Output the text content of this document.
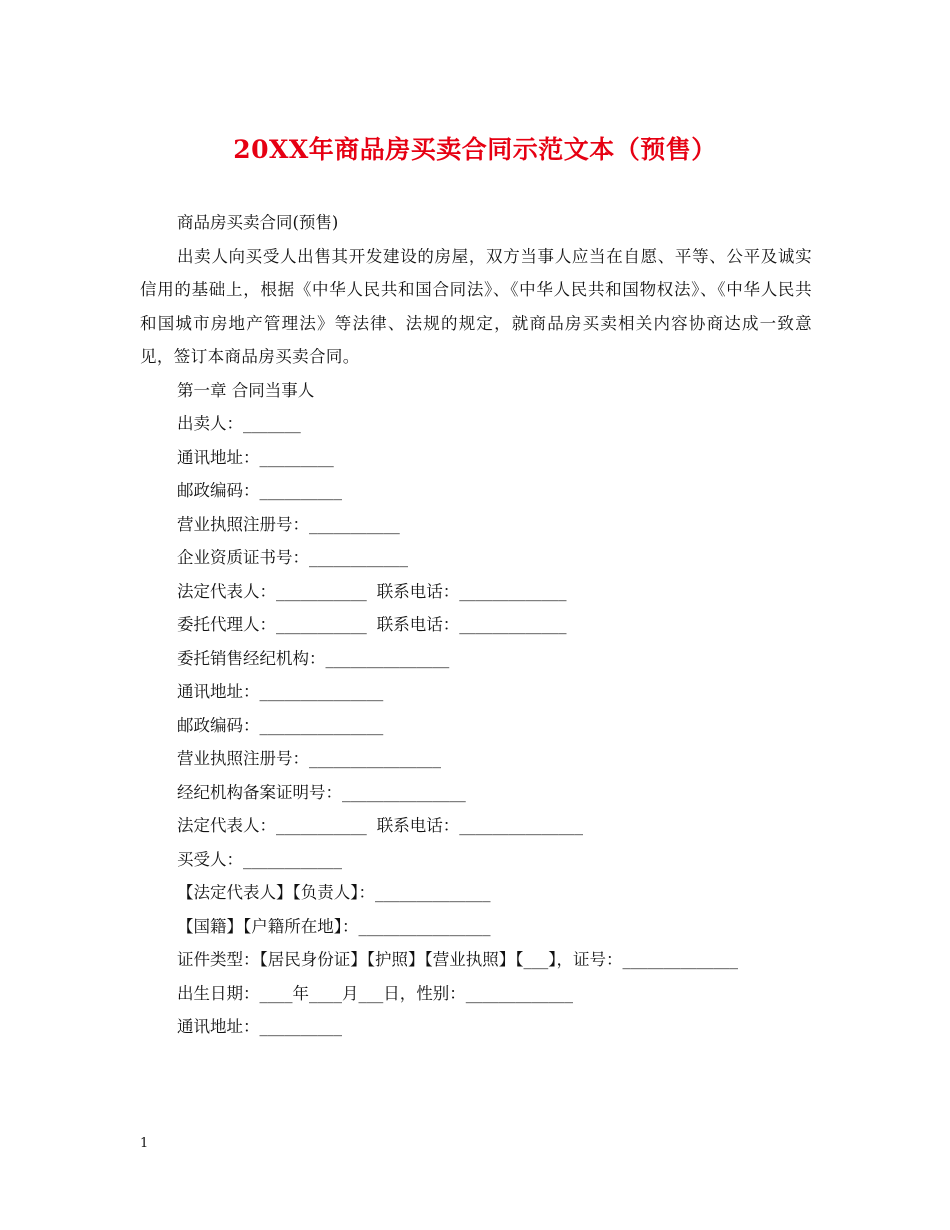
20XX年商品房买卖合同示范文本（预售）
商品房买卖合同(预售)
出卖人向买受人出售其开发建设的房屋，双方当事人应当在自愿、平等、公平及诚实信用的基础上，根据《中华人民共和国合同法》、《中华人民共和国物权法》、《中华人民共和国城市房地产管理法》等法律、法规的规定，就商品房买卖相关内容协商达成一致意见，签订本商品房买卖合同。
第一章 合同当事人
出卖人：_______
通讯地址：_________
邮政编码：__________
营业执照注册号：___________
企业资质证书号：____________
法定代表人：___________ 联系电话：_____________
委托代理人：___________ 联系电话：_____________
委托销售经纪机构：_______________
通讯地址：_______________
邮政编码：_______________
营业执照注册号：________________
经纪机构备案证明号：_______________
法定代表人：___________ 联系电话：_______________
买受人：____________
【法定代表人】【负责人】：______________
【国籍】【户籍所在地】：________________
证件类型：【居民身份证】【护照】【营业执照】【___】，证号：______________
出生日期：____年____月___日，性别：_____________
通讯地址：__________
1
